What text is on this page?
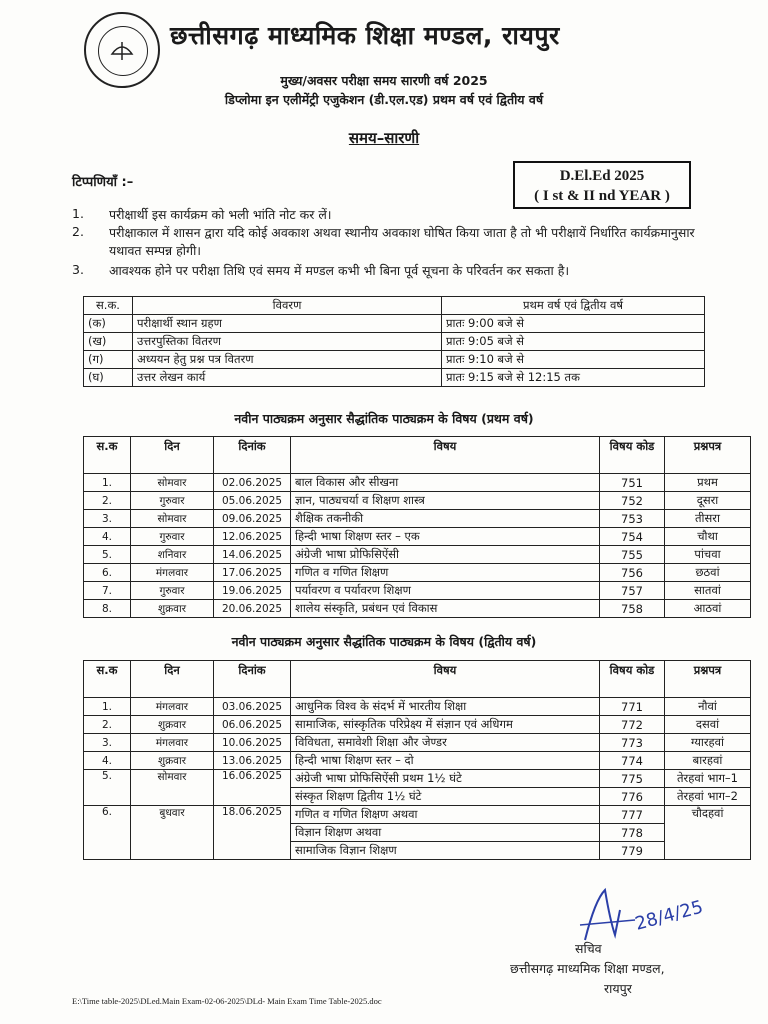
छत्तीसगढ़ माध्यमिक शिक्षा मण्डल, रायपुर
मुख्य/अवसर परीक्षा समय सारणी वर्ष 2025
डिप्लोमा इन एलीमेंट्री एजुकेशन (डी.एल.एड) प्रथम वर्ष एवं द्वितीय वर्ष
समय–सारणी
D.El.Ed 2025
( I st & II nd YEAR )
टिप्पणियाँ :–
1. परीक्षार्थी इस कार्यक्रम को भली भांति नोट कर लें।
2. परीक्षाकाल में शासन द्वारा यदि कोई अवकाश अथवा स्थानीय अवकाश घोषित किया जाता है तो भी परीक्षायें निर्धारित कार्यक्रमानुसार यथावत सम्पन्न होगी।
3. आवश्यक होने पर परीक्षा तिथि एवं समय में मण्डल कभी भी बिना पूर्व सूचना के परिवर्तन कर सकता है।
स.क.	विवरण	प्रथम वर्ष एवं द्वितीय वर्ष
(क)	परीक्षार्थी स्थान ग्रहण	प्रातः 9:00 बजे से
(ख)	उत्तरपुस्तिका वितरण	प्रातः 9:05 बजे से
(ग)	अध्ययन हेतु प्रश्न पत्र वितरण	प्रातः 9:10 बजे से
(घ)	उत्तर लेखन कार्य	प्रातः 9:15 बजे से 12:15 तक
नवीन पाठ्यक्रम अनुसार सैद्धांतिक पाठ्यक्रम के विषय (प्रथम वर्ष)
स.क	दिन	दिनांक	विषय	विषय कोड	प्रश्नपत्र
1.	सोमवार	02.06.2025	बाल विकास और सीखना	751	प्रथम
2.	गुरुवार	05.06.2025	ज्ञान, पाठ्यचर्या व शिक्षण शास्त्र	752	दूसरा
3.	सोमवार	09.06.2025	शैक्षिक तकनीकी	753	तीसरा
4.	गुरुवार	12.06.2025	हिन्दी भाषा शिक्षण स्तर – एक	754	चौथा
5.	शनिवार	14.06.2025	अंग्रेजी भाषा प्रोफिसिऐंसी	755	पांचवा
6.	मंगलवार	17.06.2025	गणित व गणित शिक्षण	756	छठवां
7.	गुरुवार	19.06.2025	पर्यावरण व पर्यावरण शिक्षण	757	सातवां
8.	शुक्रवार	20.06.2025	शालेय संस्कृति, प्रबंधन एवं विकास	758	आठवां
नवीन पाठ्यक्रम अनुसार सैद्धांतिक पाठ्यक्रम के विषय (द्वितीय वर्ष)
स.क	दिन	दिनांक	विषय	विषय कोड	प्रश्नपत्र
1.	मंगलवार	03.06.2025	आधुनिक विश्व के संदर्भ में भारतीय शिक्षा	771	नौवां
2.	शुक्रवार	06.06.2025	सामाजिक, सांस्कृतिक परिप्रेक्ष्य में संज्ञान एवं अधिगम	772	दसवां
3.	मंगलवार	10.06.2025	विविधता, समावेशी शिक्षा और जेण्डर	773	ग्यारहवां
4.	शुक्रवार	13.06.2025	हिन्दी भाषा शिक्षण स्तर – दो	774	बारहवां
5.	सोमवार	16.06.2025	अंग्रेजी भाषा प्रोफिसिऐंसी प्रथम 1½ घंटे	775	तेरहवां भाग–1
			संस्कृत शिक्षण द्वितीय 1½ घंटे	776	तेरहवां भाग–2
6.	बुधवार	18.06.2025	गणित व गणित शिक्षण अथवा	777	चौदहवां
			विज्ञान शिक्षण अथवा	778	
			सामाजिक विज्ञान शिक्षण	779	
28/4/25
सचिव
छत्तीसगढ़ माध्यमिक शिक्षा मण्डल,
रायपुर
E:\Time table-2025\DLed.Main Exam-02-06-2025\DLd- Main Exam Time Table-2025.doc
